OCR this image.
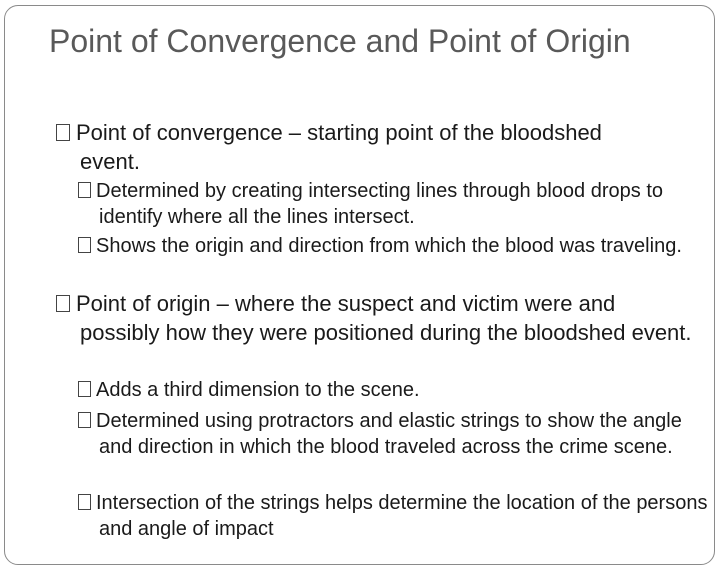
Point of Convergence and Point of Origin

Point of convergence – starting point of the bloodshed event.

Determined by creating intersecting lines through blood drops to identify where all the lines intersect.

Shows the origin and direction from which the blood was traveling.

Point of origin – where the suspect and victim were and possibly how they were positioned during the bloodshed event.

Adds a third dimension to the scene.

Determined using protractors and elastic strings to show the angle and direction in which the blood traveled across the crime scene.

Intersection of the strings helps determine the location of the persons and angle of impact
